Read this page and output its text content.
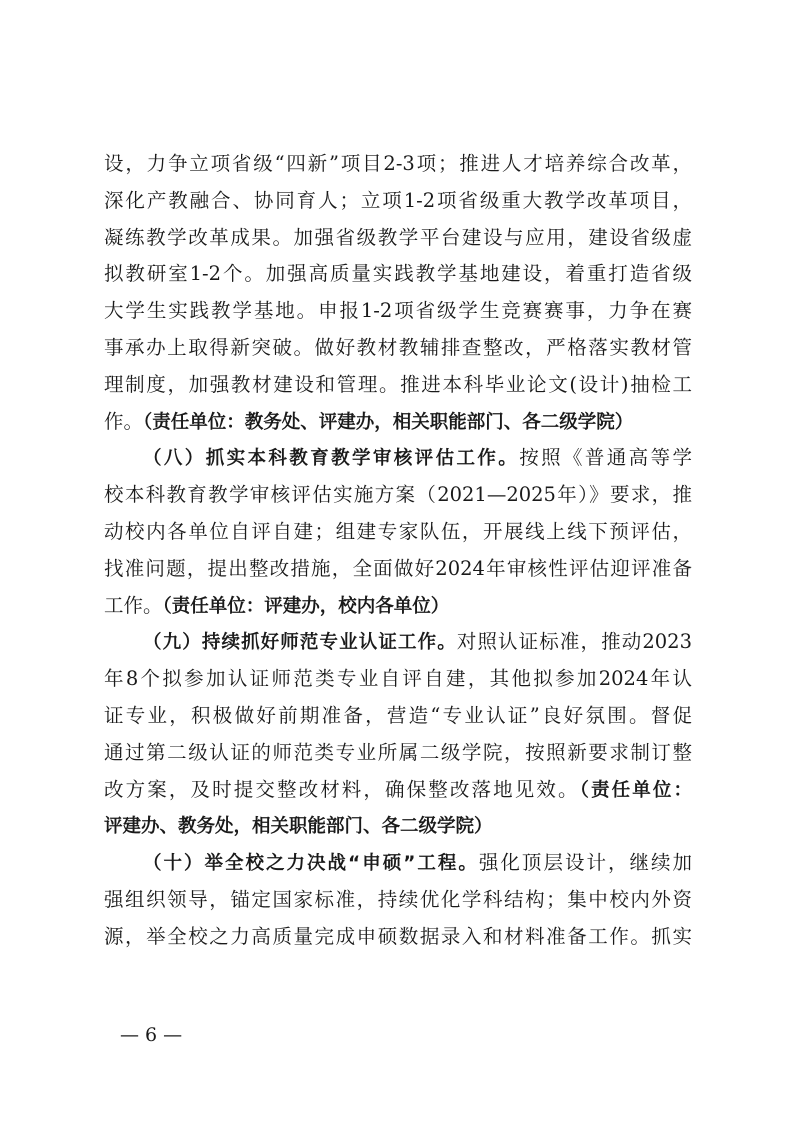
设，力争立项省级“四新”项目2-3项；推进人才培养综合改革，
深化产教融合、协同育人；立项1-2项省级重大教学改革项目，
凝练教学改革成果。加强省级教学平台建设与应用，建设省级虚
拟教研室1-2个。加强高质量实践教学基地建设，着重打造省级
大学生实践教学基地。申报1-2项省级学生竞赛赛事，力争在赛
事承办上取得新突破。做好教材教辅排查整改，严格落实教材管
理制度，加强教材建设和管理。推进本科毕业论文(设计)抽检工
作。（责任单位：教务处、评建办，相关职能部门、各二级学院）
（八）抓实本科教育教学审核评估工作。按照《普通高等学
校本科教育教学审核评估实施方案（2021—2025年）》要求，推
动校内各单位自评自建；组建专家队伍，开展线上线下预评估，
找准问题，提出整改措施，全面做好2024年审核性评估迎评准备
工作。（责任单位：评建办，校内各单位）
（九）持续抓好师范专业认证工作。对照认证标准，推动2023
年8个拟参加认证师范类专业自评自建，其他拟参加2024年认
证专业，积极做好前期准备，营造“专业认证”良好氛围。督促
通过第二级认证的师范类专业所属二级学院，按照新要求制订整
改方案，及时提交整改材料，确保整改落地见效。（责任单位：
评建办、教务处，相关职能部门、各二级学院）
（十）举全校之力决战“申硕”工程。强化顶层设计，继续加
强组织领导，锚定国家标准，持续优化学科结构；集中校内外资
源，举全校之力高质量完成申硕数据录入和材料准备工作。抓实
— 6 —
